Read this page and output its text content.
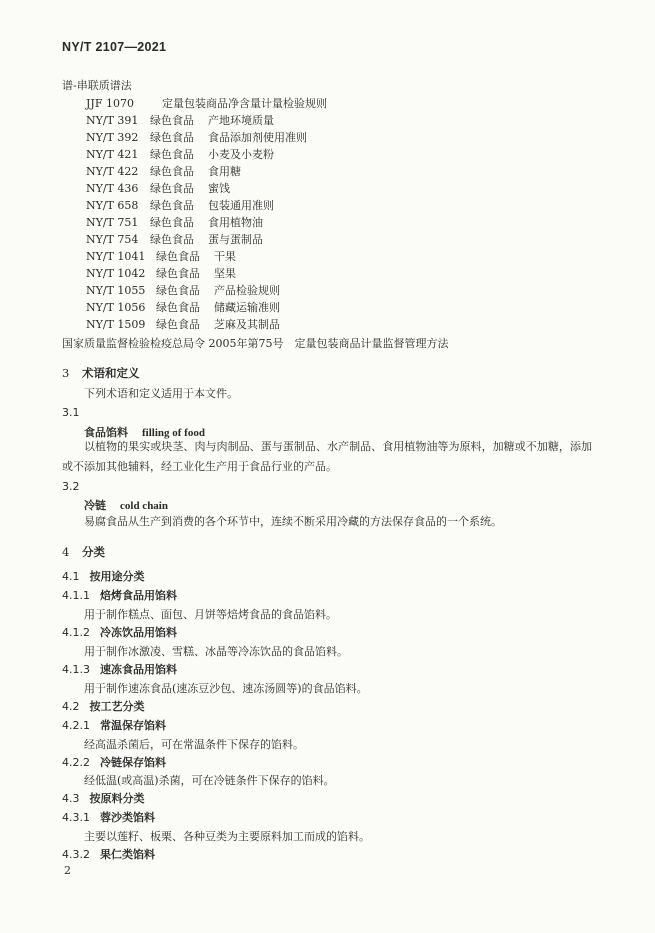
NY/T 2107—2021
谱-串联质谱法
JJF 1070	定量包装商品净含量计量检验规则
NY/T 391 绿色食品 产地环境质量
NY/T 392 绿色食品 食品添加剂使用准则
NY/T 421 绿色食品 小麦及小麦粉
NY/T 422 绿色食品 食用糖
NY/T 436 绿色食品 蜜饯
NY/T 658 绿色食品 包装通用准则
NY/T 751 绿色食品 食用植物油
NY/T 754 绿色食品 蛋与蛋制品
NY/T 1041 绿色食品 干果
NY/T 1042 绿色食品 坚果
NY/T 1055 绿色食品 产品检验规则
NY/T 1056 绿色食品 储藏运输准则
NY/T 1509 绿色食品 芝麻及其制品
国家质量监督检验检疫总局令 2005年第75号　定量包装商品计量监督管理方法
3 术语和定义
下列术语和定义适用于本文件。
3.1
食品馅料 filling of food
以植物的果实或块茎、肉与肉制品、蛋与蛋制品、水产制品、食用植物油等为原料，加糖或不加糖，添加或不添加其他辅料，经工业化生产用于食品行业的产品。
3.2
冷链 cold chain
易腐食品从生产到消费的各个环节中，连续不断采用冷藏的方法保存食品的一个系统。
4 分类
4.1 按用途分类
4.1.1 焙烤食品用馅料
用于制作糕点、面包、月饼等焙烤食品的食品馅料。
4.1.2 冷冻饮品用馅料
用于制作冰激凌、雪糕、冰晶等冷冻饮品的食品馅料。
4.1.3 速冻食品用馅料
用于制作速冻食品(速冻豆沙包、速冻汤圆等)的食品馅料。
4.2 按工艺分类
4.2.1 常温保存馅料
经高温杀菌后，可在常温条件下保存的馅料。
4.2.2 冷链保存馅料
经低温(或高温)杀菌，可在冷链条件下保存的馅料。
4.3 按原料分类
4.3.1 蓉沙类馅料
主要以莲籽、板栗、各种豆类为主要原料加工而成的馅料。
4.3.2 果仁类馅料
2
